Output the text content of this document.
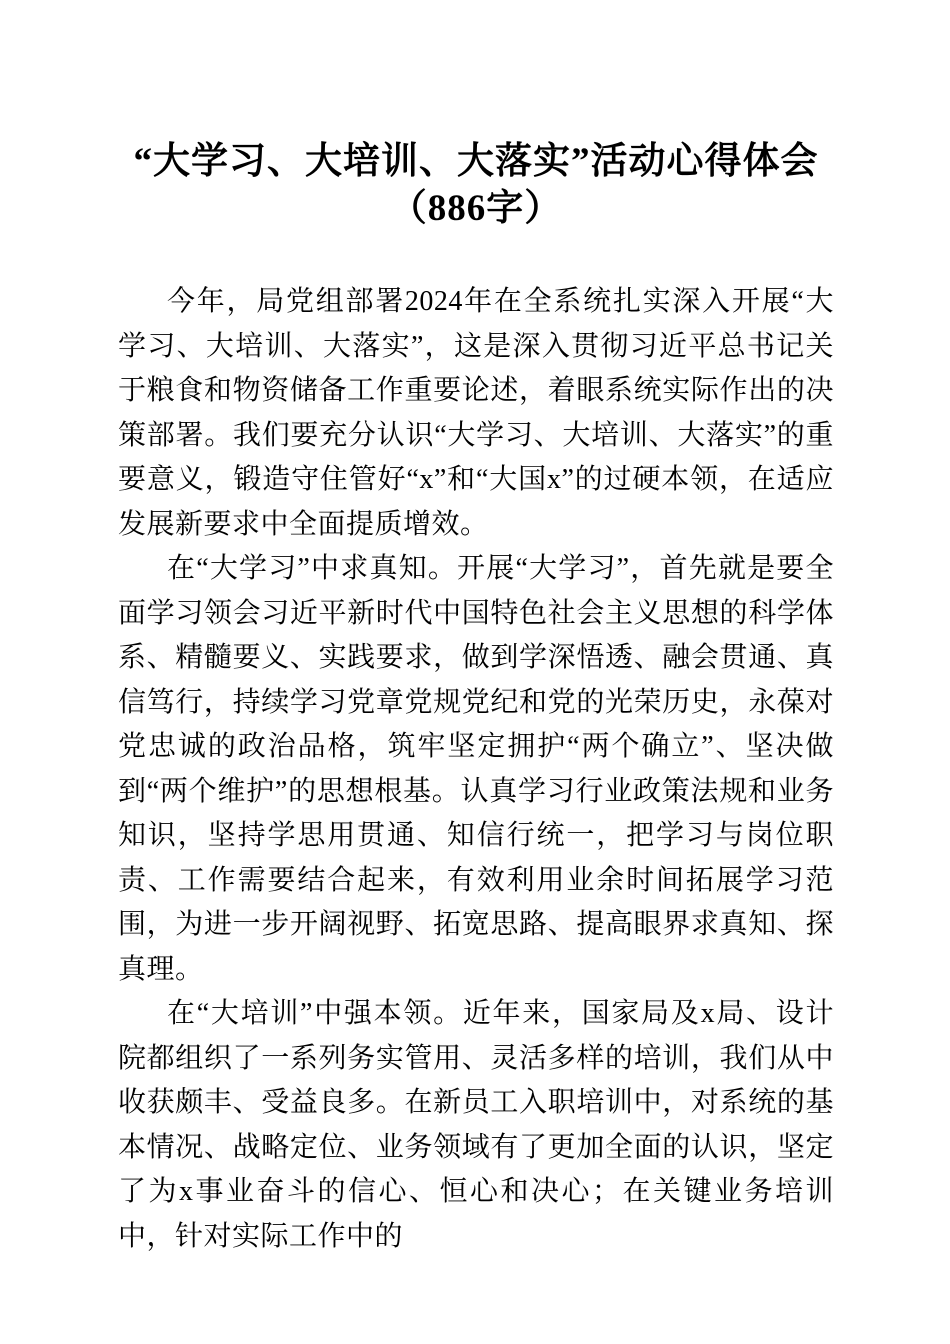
“大学习、大培训、大落实”活动心得体会
（886字）

今年，局党组部署2024年在全系统扎实深入开展“大学习、大培训、大落实”，这是深入贯彻习近平总书记关于粮食和物资储备工作重要论述，着眼系统实际作出的决策部署。我们要充分认识“大学习、大培训、大落实”的重要意义，锻造守住管好“x”和“大国x”的过硬本领，在适应发展新要求中全面提质增效。

在“大学习”中求真知。开展“大学习”，首先就是要全面学习领会习近平新时代中国特色社会主义思想的科学体系、精髓要义、实践要求，做到学深悟透、融会贯通、真信笃行，持续学习党章党规党纪和党的光荣历史，永葆对党忠诚的政治品格，筑牢坚定拥护“两个确立”、坚决做到“两个维护”的思想根基。认真学习行业政策法规和业务知识，坚持学思用贯通、知信行统一，把学习与岗位职责、工作需要结合起来，有效利用业余时间拓展学习范围，为进一步开阔视野、拓宽思路、提高眼界求真知、探真理。

在“大培训”中强本领。近年来，国家局及x局、设计院都组织了一系列务实管用、灵活多样的培训，我们从中收获颇丰、受益良多。在新员工入职培训中，对系统的基本情况、战略定位、业务领域有了更加全面的认识，坚定了为x事业奋斗的信心、恒心和决心；在关键业务培训中，针对实际工作中的
